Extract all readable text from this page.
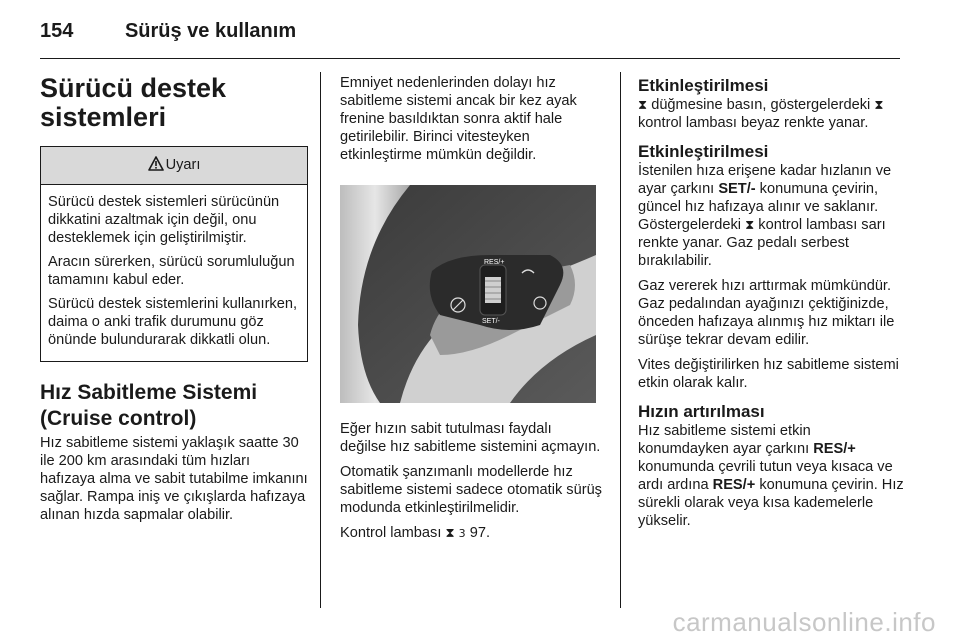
154	Sürüş ve kullanım
Sürücü destek sistemleri
Uyarı

Sürücü destek sistemleri sürücünün dikkatini azaltmak için değil, onu desteklemek için geliştirilmiştir.

Aracın sürerken, sürücü sorumluluğun tamamını kabul eder.

Sürücü destek sistemlerini kullanırken, daima o anki trafik durumunu göz önünde bulundurarak dikkatli olun.

Hız Sabitleme Sistemi (Cruise control)

Hız sabitleme sistemi yaklaşık saatte 30 ile 200 km arasındaki tüm hızları hafızaya alma ve sabit tutabilme imkanını sağlar. Rampa iniş ve çıkışlarda hafızaya alınan hızda sapmalar olabilir.

Emniyet nedenlerinden dolayı hız sabitleme sistemi ancak bir kez ayak frenine basıldıktan sonra aktif hale getirilebilir. Birinci vitesteyken etkinleştirme mümkün değildir.

RES/+
SET/-

Eğer hızın sabit tutulması faydalı değilse hız sabitleme sistemini açmayın.

Otomatik şanzımanlı modellerde hız sabitleme sistemi sadece otomatik sürüş modunda etkinleştirilmelidir.

Kontrol lambası ⧗ 3 97.

Etkinleştirilmesi

⧗ düğmesine basın, göstergelerdeki ⧗ kontrol lambası beyaz renkte yanar.

Etkinleştirilmesi

İstenilen hıza erişene kadar hızlanın ve ayar çarkını SET/- konumuna çevirin, güncel hız hafızaya alınır ve saklanır. Göstergelerdeki ⧗ kontrol lambası sarı renkte yanar. Gaz pedalı serbest bırakılabilir.

Gaz vererek hızı arttırmak mümkündür. Gaz pedalından ayağınızı çektiğinizde, önceden hafızaya alınmış hız miktarı ile sürüşe tekrar devam edilir.

Vites değiştirilirken hız sabitleme sistemi etkin olarak kalır.

Hızın artırılması

Hız sabitleme sistemi etkin konumdayken ayar çarkını RES/+ konumunda çevrili tutun veya kısaca ve ardı ardına RES/+ konumuna çevirin. Hız sürekli olarak veya kısa kademelerle yükselir.

carmanualsonline.info
